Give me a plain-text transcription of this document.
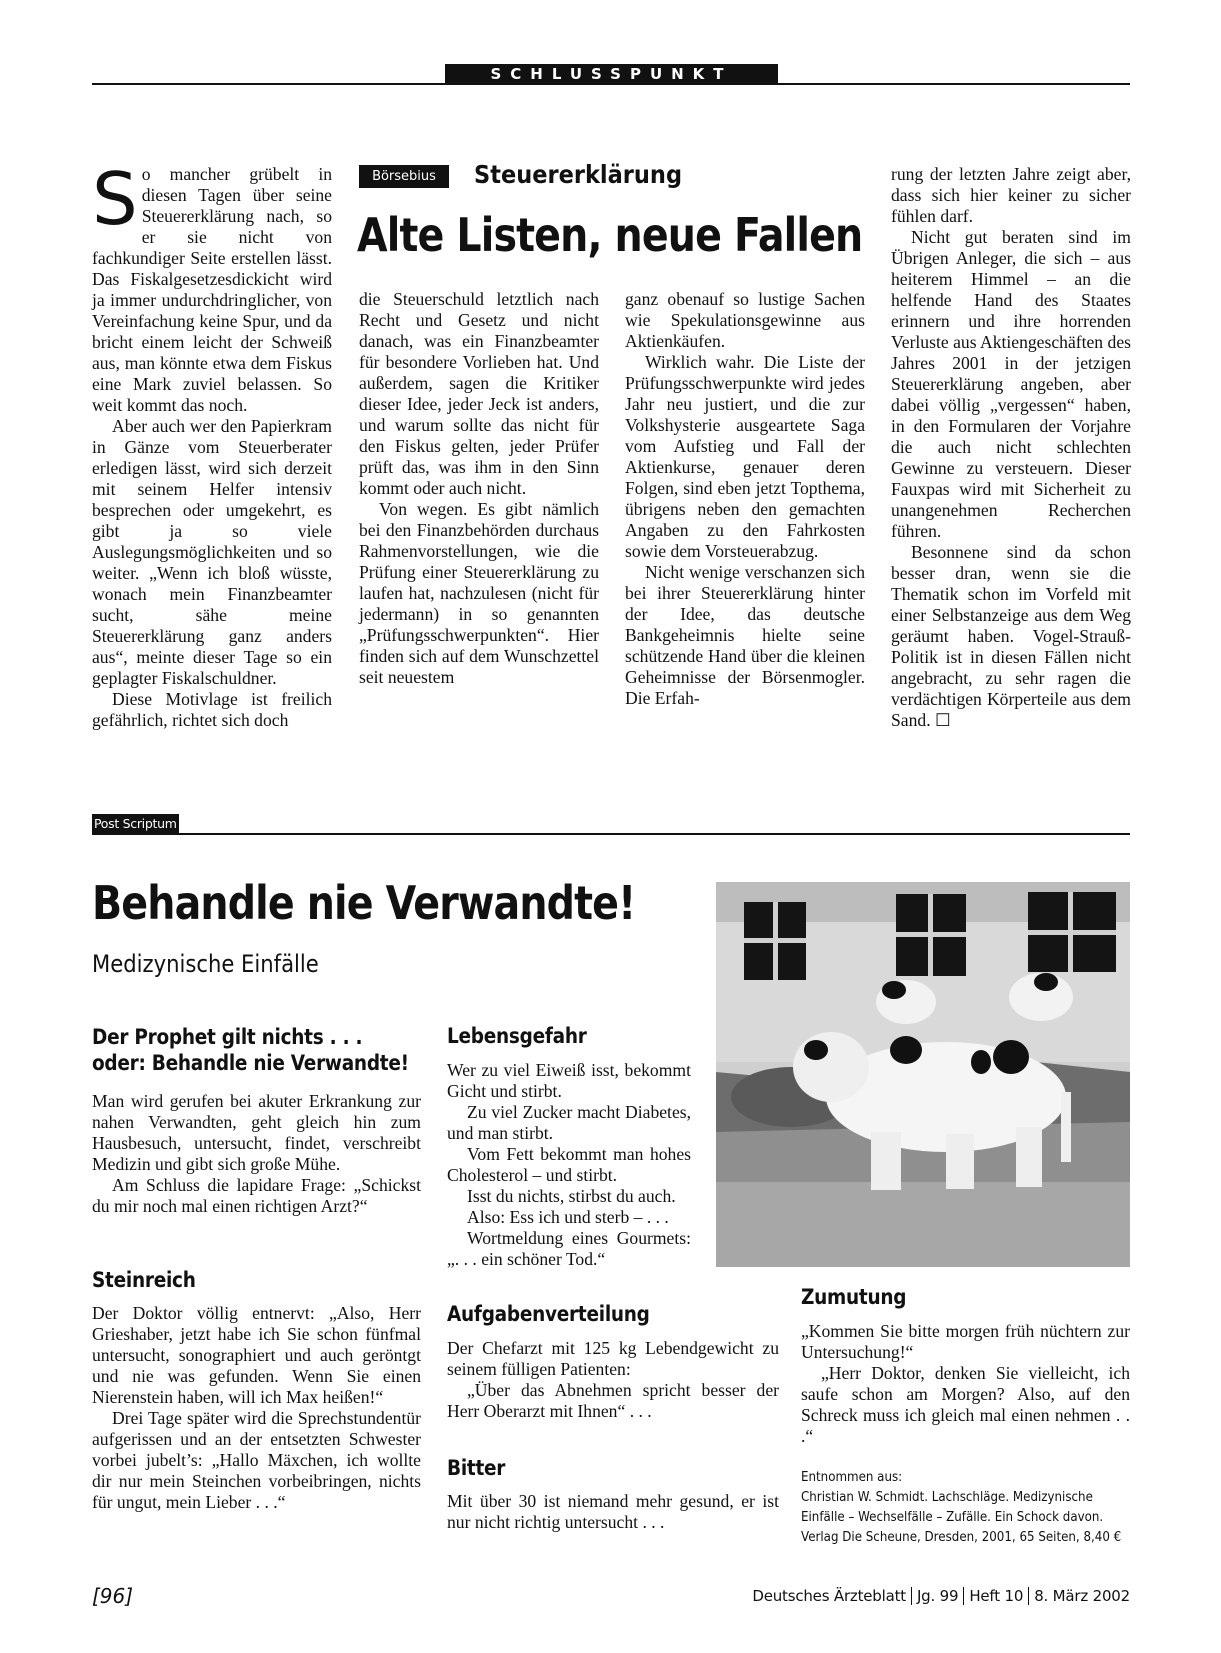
SCHLUSSPUNKT
Börsebius	Steuererklärung
Alte Listen, neue Fallen

So mancher grübelt in diesen Tagen über seine Steuererklärung nach, so er sie nicht von fachkundiger Seite erstellen lässt. Das Fiskalgesetzesdickicht wird ja immer undurchdringlicher, von Vereinfachung keine Spur, und da bricht einem leicht der Schweiß aus, man könnte etwa dem Fiskus eine Mark zuviel belassen. So weit kommt das noch.

Aber auch wer den Papierkram in Gänze vom Steuerberater erledigen lässt, wird sich derzeit mit seinem Helfer intensiv besprechen oder umgekehrt, es gibt ja so viele Auslegungsmöglichkeiten und so weiter. „Wenn ich bloß wüsste, wonach mein Finanzbeamter sucht, sähe meine Steuererklärung ganz anders aus“, meinte dieser Tage so ein geplagter Fiskalschuldner.

Diese Motivlage ist freilich gefährlich, richtet sich doch

die Steuerschuld letztlich nach Recht und Gesetz und nicht danach, was ein Finanzbeamter für besondere Vorlieben hat. Und außerdem, sagen die Kritiker dieser Idee, jeder Jeck ist anders, und warum sollte das nicht für den Fiskus gelten, jeder Prüfer prüft das, was ihm in den Sinn kommt oder auch nicht.

Von wegen. Es gibt nämlich bei den Finanzbehörden durchaus Rahmenvorstellungen, wie die Prüfung einer Steuererklärung zu laufen hat, nachzulesen (nicht für jedermann) in so genannten „Prüfungsschwerpunkten“. Hier finden sich auf dem Wunschzettel seit neuestem

ganz obenauf so lustige Sachen wie Spekulationsgewinne aus Aktienkäufen.

Wirklich wahr. Die Liste der Prüfungsschwerpunkte wird jedes Jahr neu justiert, und die zur Volkshysterie ausgeartete Saga vom Aufstieg und Fall der Aktienkurse, genauer deren Folgen, sind eben jetzt Topthema, übrigens neben den gemachten Angaben zu den Fahrkosten sowie dem Vorsteuerabzug.

Nicht wenige verschanzen sich bei ihrer Steuererklärung hinter der Idee, das deutsche Bankgeheimnis hielte seine schützende Hand über die kleinen Geheimnisse der Börsenmogler. Die Erfah-

rung der letzten Jahre zeigt aber, dass sich hier keiner zu sicher fühlen darf.

Nicht gut beraten sind im Übrigen Anleger, die sich – aus heiterem Himmel – an die helfende Hand des Staates erinnern und ihre horrenden Verluste aus Aktiengeschäften des Jahres 2001 in der jetzigen Steuererklärung angeben, aber dabei völlig „vergessen“ haben, in den Formularen der Vorjahre die auch nicht schlechten Gewinne zu versteuern. Dieser Fauxpas wird mit Sicherheit zu unangenehmen Recherchen führen.

Besonnene sind da schon besser dran, wenn sie die Thematik schon im Vorfeld mit einer Selbstanzeige aus dem Weg geräumt haben. Vogel-Strauß-Politik ist in diesen Fällen nicht angebracht, zu sehr ragen die verdächtigen Körperteile aus dem Sand. ☐

Post Scriptum
Behandle nie Verwandte!
Medizynische Einfälle
Der Prophet gilt nichts . . .
oder: Behandle nie Verwandte!

Man wird gerufen bei akuter Erkrankung zur nahen Verwandten, geht gleich hin zum Hausbesuch, untersucht, findet, verschreibt Medizin und gibt sich große Mühe.

Am Schluss die lapidare Frage: „Schickst du mir noch mal einen richtigen Arzt?“

Steinreich

Der Doktor völlig entnervt: „Also, Herr Grieshaber, jetzt habe ich Sie schon fünfmal untersucht, sonographiert und auch geröntgt und nie was gefunden. Wenn Sie einen Nierenstein haben, will ich Max heißen!“

Drei Tage später wird die Sprechstundentür aufgerissen und an der entsetzten Schwester vorbei jubelt’s: „Hallo Mäxchen, ich wollte dir nur mein Steinchen vorbeibringen, nichts für ungut, mein Lieber . . .“

Lebensgefahr

Wer zu viel Eiweiß isst, bekommt Gicht und stirbt.

Zu viel Zucker macht Diabetes, und man stirbt.

Vom Fett bekommt man hohes Cholesterol – und stirbt.

Isst du nichts, stirbst du auch.

Also: Ess ich und sterb – . . .

Wortmeldung eines Gourmets: „. . . ein schöner Tod.“

Aufgabenverteilung

Der Chefarzt mit 125 kg Lebendgewicht zu seinem fülligen Patienten:

„Über das Abnehmen spricht besser der Herr Oberarzt mit Ihnen“ . . .

Bitter

Mit über 30 ist niemand mehr gesund, er ist nur nicht richtig untersucht . . .

Zumutung

„Kommen Sie bitte morgen früh nüchtern zur Untersuchung!“

„Herr Doktor, denken Sie vielleicht, ich saufe schon am Morgen? Also, auf den Schreck muss ich gleich mal einen nehmen . . .“

Entnommen aus:
Christian W. Schmidt. Lachschläge. Medizynische
Einfälle – Wechselfälle – Zufälle. Ein Schock davon.
Verlag Die Scheune, Dresden, 2001, 65 Seiten, 8,40 €
[96]	Deutsches Ärzteblatt Jg. 99 Heft 10 8. März 2002
